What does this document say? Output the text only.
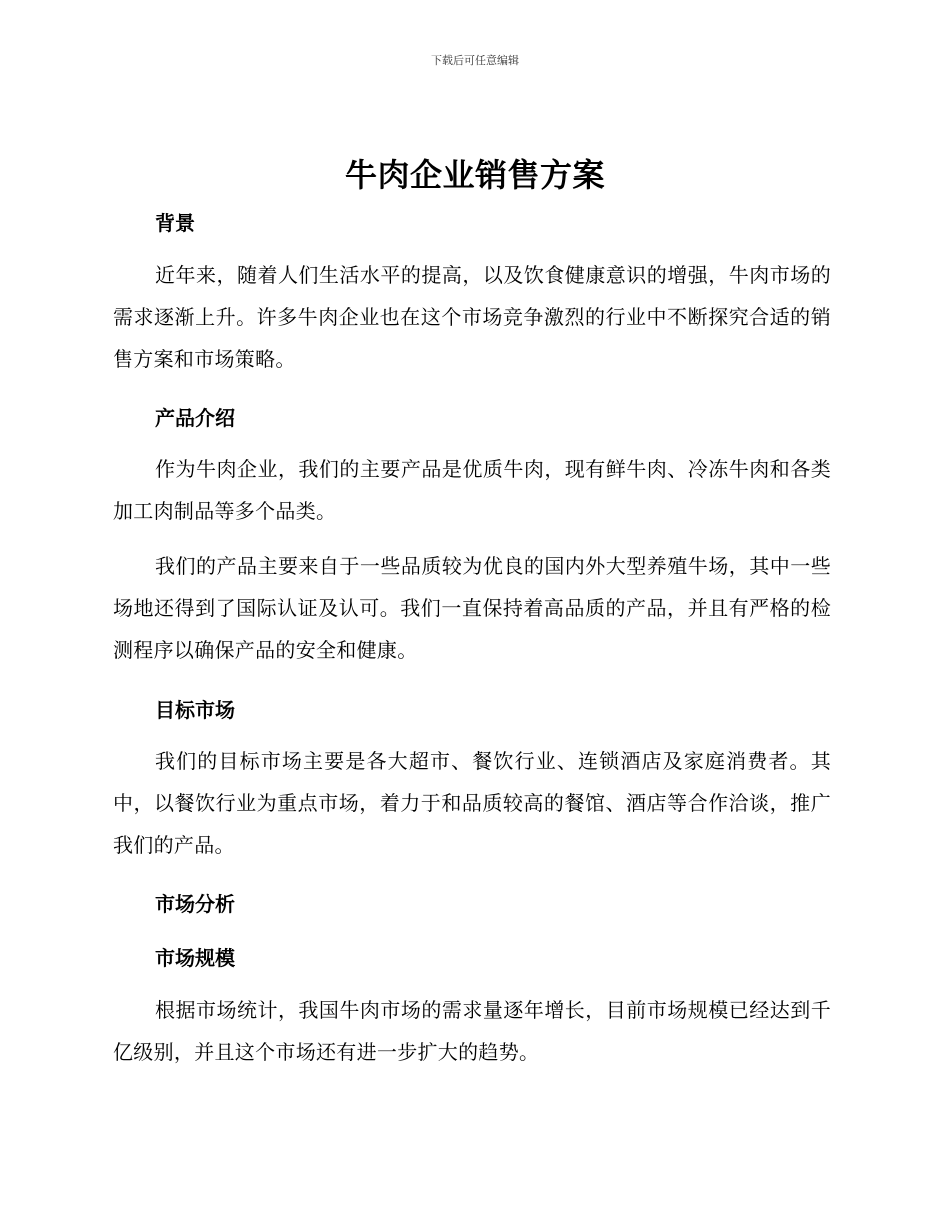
下载后可任意编辑
牛肉企业销售方案
背景
近年来，随着人们生活水平的提高，以及饮食健康意识的增强，牛肉市场的需求逐渐上升。许多牛肉企业也在这个市场竞争激烈的行业中不断探究合适的销售方案和市场策略。
产品介绍
作为牛肉企业，我们的主要产品是优质牛肉，现有鲜牛肉、冷冻牛肉和各类加工肉制品等多个品类。
我们的产品主要来自于一些品质较为优良的国内外大型养殖牛场，其中一些场地还得到了国际认证及认可。我们一直保持着高品质的产品，并且有严格的检测程序以确保产品的安全和健康。
目标市场
我们的目标市场主要是各大超市、餐饮行业、连锁酒店及家庭消费者。其中，以餐饮行业为重点市场，着力于和品质较高的餐馆、酒店等合作洽谈，推广我们的产品。
市场分析
市场规模
根据市场统计，我国牛肉市场的需求量逐年增长，目前市场规模已经达到千亿级别，并且这个市场还有进一步扩大的趋势。
